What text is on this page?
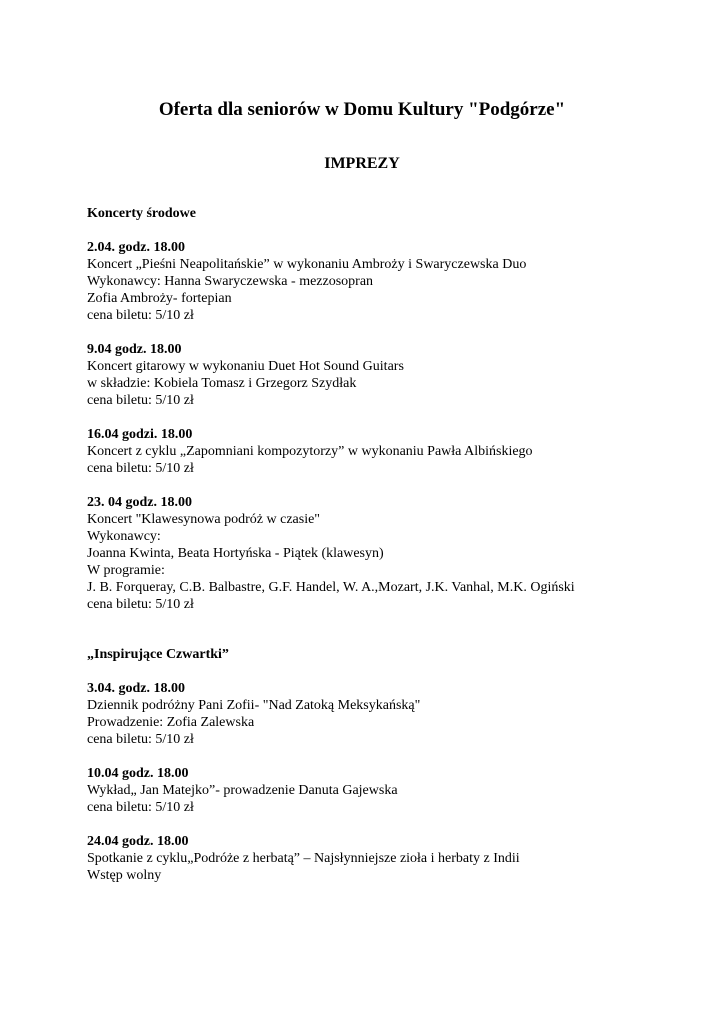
Oferta dla seniorów w Domu Kultury "Podgórze"
IMPREZY

Koncerty środowe

2.04. godz. 18.00
Koncert „Pieśni Neapolitańskie” w wykonaniu Ambroży i Swaryczewska Duo
Wykonawcy: Hanna Swaryczewska - mezzosopran
Zofia Ambroży- fortepian
cena biletu: 5/10 zł
9.04 godz. 18.00
Koncert gitarowy w wykonaniu Duet Hot Sound Guitars
w składzie: Kobiela Tomasz i Grzegorz Szydłak
cena biletu: 5/10 zł
16.04 godzi. 18.00
Koncert z cyklu „Zapomniani kompozytorzy” w wykonaniu Pawła Albińskiego
cena biletu: 5/10 zł
23. 04 godz. 18.00
Koncert "Klawesynowa podróż w czasie"
Wykonawcy:
Joanna Kwinta, Beata Hortyńska - Piątek (klawesyn)
W programie:
J. B. Forqueray, C.B. Balbastre, G.F. Handel, W. A.,Mozart, J.K. Vanhal, M.K. Ogiński
cena biletu: 5/10 zł

„Inspirujące Czwartki”

3.04. godz. 18.00
Dziennik podróżny Pani Zofii- "Nad Zatoką Meksykańską"
Prowadzenie: Zofia Zalewska
cena biletu: 5/10 zł
10.04 godz. 18.00
Wykład„ Jan Matejko”- prowadzenie Danuta Gajewska
cena biletu: 5/10 zł
24.04 godz. 18.00
Spotkanie z cyklu„Podróże z herbatą” – Najsłynniejsze zioła i herbaty z Indii
Wstęp wolny
